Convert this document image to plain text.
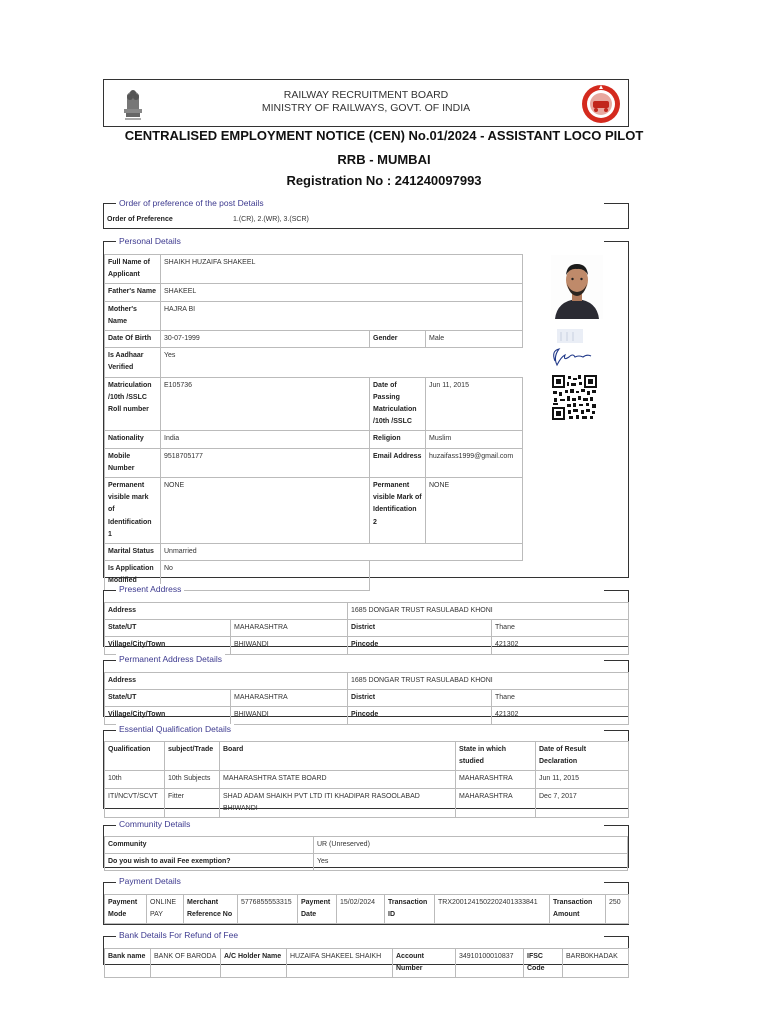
RAILWAY RECRUITMENT BOARD
MINISTRY OF RAILWAYS, GOVT. OF INDIA
CENTRALISED EMPLOYMENT NOTICE (CEN) No.01/2024 - ASSISTANT LOCO PILOT
RRB - MUMBAI
Registration No : 241240097993
Order of preference of the post Details
Order of Preference	1.(CR), 2.(WR), 3.(SCR)
Personal Details
Full Name of Applicant	SHAIKH HUZAIFA SHAKEEL		
Father's Name	SHAKEEL		
Mother's Name	HAJRA BI		
Date Of Birth	30-07-1999	Gender	Male
Is Aadhaar Verified	Yes		
Matriculation /10th /SSLC Roll number	E105736	Date of Passing Matriculation /10th /SSLC	Jun 11, 2015
Nationality	India	Religion	Muslim
Mobile Number	9518705177	Email Address	huzaifass1999@gmail.com
Permanent visible mark of Identification 1	NONE	Permanent visible Mark of Identification 2	NONE
Marital Status	Unmarried		
Is Application Modified	No		
Present Address
Address		1685 DONGAR TRUST RASULABAD KHONI	
State/UT	MAHARASHTRA	District	Thane
Village/City/Town	BHIWANDI	Pincode	421302
Permanent Address Details
Address		1685 DONGAR TRUST RASULABAD KHONI	
State/UT	MAHARASHTRA	District	Thane
Village/City/Town	BHIWANDI	Pincode	421302
Essential Qualification Details
Qualification	subject/Trade	Board	State in which studied	Date of Result Declaration
10th	10th Subjects	MAHARASHTRA STATE BOARD	MAHARASHTRA	Jun 11, 2015
ITI/NCVT/SCVT	Fitter	SHAD ADAM SHAIKH PVT LTD ITI KHADIPAR RASOOLABAD BHIWANDI	MAHARASHTRA	Dec 7, 2017
Community Details
Community	UR (Unreserved)
Do you wish to avail Fee exemption?	Yes
Payment Details
Payment Mode	ONLINE PAY	Merchant Reference No	5776855553315	Payment Date	15/02/2024	Transaction ID	TRX2001241502202401333841	Transaction Amount	250
Bank Details For Refund of Fee
Bank name	BANK OF BARODA	A/C Holder Name	HUZAIFA SHAKEEL SHAIKH	Account Number	34910100010837	IFSC Code	BARB0KHADAK
